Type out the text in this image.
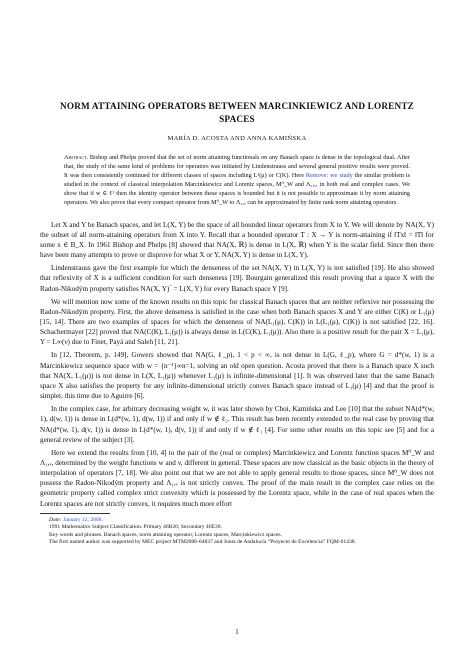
NORM ATTAINING OPERATORS BETWEEN MARCINKIEWICZ AND LORENTZ
SPACES
MARÍA D. ACOSTA AND ANNA KAMIŃSKA
Abstract. Bishop and Phelps proved that the set of norm attaining functionals on any Banach space is dense in the topological dual. After that, the study of the same kind of problems for operators was initiated by Lindenstrauss and several general positive results were proved. It was then consistently continued for different classes of spaces including L¹(μ) or C(K). Here Remove: we study the similar problem is studied in the context of classical interpolation Marcinkiewicz and Lorentz spaces, M⁰_W and Λ₁,ᵥ, in both real and complex cases. We show that if w ∈ ℓ¹ then the identity operator between these spaces is bounded but it is not possible to approximate it by norm attaining operators. We also prove that every compact operator from M⁰_W to Λ₁,ᵥ can be approximated by finite rank norm attaining operators.

Let X and Y be Banach spaces, and let L(X, Y) be the space of all bounded linear operators from X to Y. We will denote by NA(X, Y) the subset of all norm-attaining operators from X into Y. Recall that a bounded operator T : X → Y is norm-attaining if ‖Tx‖ = ‖T‖ for some x ∈ B_X. In 1961 Bishop and Phelps [8] showed that NA(X, ℝ) is dense in L(X, ℝ) when Y is the scalar field. Since then there have been many attempts to prove or disprove for what X or Y, NA(X, Y) is dense in L(X, Y).

Lindenstrauss gave the first example for which the denseness of the set NA(X, Y) in L(X, Y) is not satisfied [19]. He also showed that reflexivity of X is a sufficient condition for such denseness [19]. Bourgain generalized this result proving that a space X with the Radon-Nikodým property satisfies NA(X, Y)‾ = L(X, Y) for every Banach space Y [9].

We will mention now some of the known results on this topic for classical Banach spaces that are neither reflexive nor possessing the Radon-Nikodým property. First, the above denseness is satisfied in the case when both Banach spaces X and Y are either C(K) or L₁(μ) [15, 14]. There are two examples of spaces for which the denseness of NA(L₁(μ), C(K)) in L(L₁(μ), C(K)) is not satisfied [22, 16]. Schachermayer [22] proved that NA(C(K), L₁(μ)) is always dense in L(C(K), L₁(μ)). Also there is a positive result for the pair X = L₁(μ), Y = L∞(ν) due to Finet, Payá and Saleh [11, 21].

In [12, Theorem, p. 149], Gowers showed that NA(G, ℓ_p), 1 < p < ∞, is not dense in L(G, ℓ_p), where G = d*(w, 1) is a Marcinkiewicz sequence space with w = {n⁻¹}∞n=1, solving an old open question. Acosta proved that there is a Banach space X such that NA(X, L₁(μ)) is not dense in L(X, L₁(μ)) whenever L₁(μ) is infinite-dimensional [1]. It was observed later that the same Banach space X also satisfies the property for any infinite-dimensional strictly convex Banach space instead of L₁(μ) [4] and that the proof is simpler, this time due to Aguirre [6].

In the complex case, for arbitrary decreasing weight w, it was later shown by Choi, Kamińska and Lee [10] that the subset NA(d*(w, 1), d(w, 1)) is dense in L(d*(w, 1), d(w, 1)) if and only if w ∉ ℓ₂. This result has been recently extended to the real case by proving that NA(d*(w, 1), d(v, 1)) is dense in L(d*(w, 1), d(v, 1)) if and only if w ∉ ℓ₁ [4]. For some other results on this topic see [5] and for a general review of the subject [3].

Here we extend the results from [10, 4] to the pair of the (real or complex) Marcinkiewicz and Lorentz function spaces M⁰_W and Λ₁,ᵥ, determined by the weight functions w and v, different in general. These spaces are now classical as the basic objects in the theory of interpolation of operators [7, 18]. We also point out that we are not able to apply general results to those spaces, since M⁰_W does not possess the Radon-Nikodým property and Λ₁,ᵥ is not strictly convex. The proof of the main result in the complex case relies on the geometric property called complex strict convexity which is possessed by the Lorentz space, while in the case of real spaces when the Lorentz spaces are not strictly convex, it requires much more effort

Date: January 12, 2008.
1991 Mathematics Subject Classification. Primary 46B20; Secondary 46E30.
Key words and phrases. Banach spaces, norm attaining operator, Lorentz spaces, Marcinkiewicz spaces.
The first named author was supported by MEC project MTM2006-04837 and Junta de Andalucía “Proyecto de Excelencia” FQM-01438.
1
